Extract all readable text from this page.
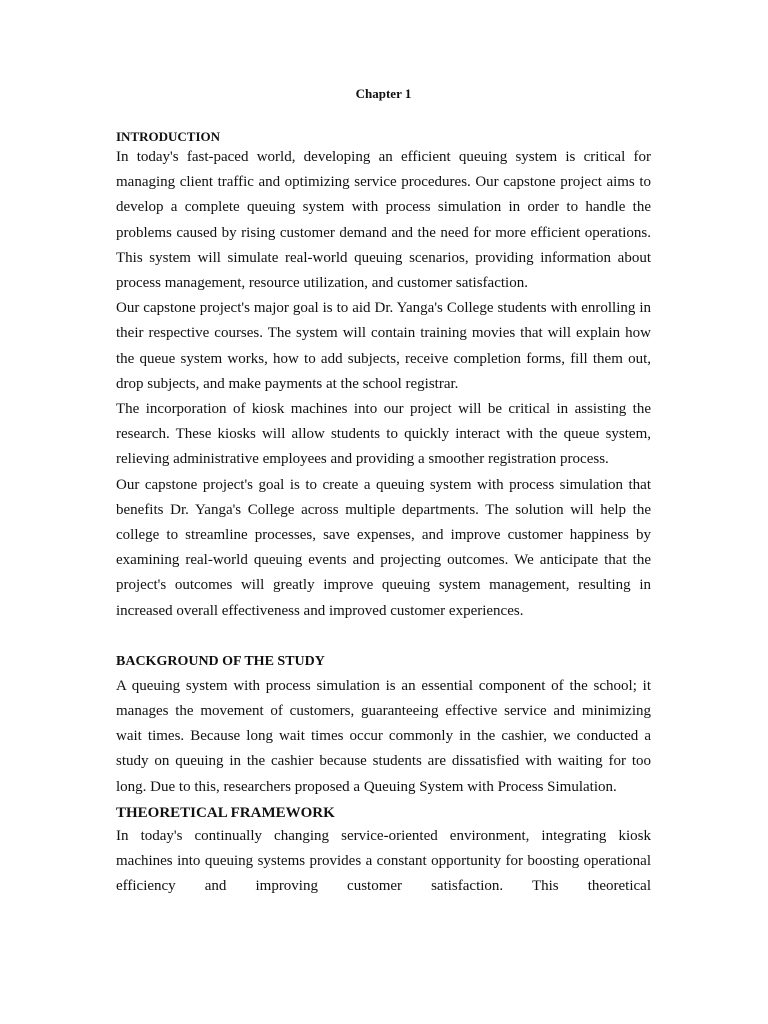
Chapter 1
INTRODUCTION

In today's fast-paced world, developing an efficient queuing system is critical for managing client traffic and optimizing service procedures. Our capstone project aims to develop a complete queuing system with process simulation in order to handle the problems caused by rising customer demand and the need for more efficient operations. This system will simulate real-world queuing scenarios, providing information about process management, resource utilization, and customer satisfaction.

Our capstone project's major goal is to aid Dr. Yanga's College students with enrolling in their respective courses. The system will contain training movies that will explain how the queue system works, how to add subjects, receive completion forms, fill them out, drop subjects, and make payments at the school registrar.

The incorporation of kiosk machines into our project will be critical in assisting the research. These kiosks will allow students to quickly interact with the queue system, relieving administrative employees and providing a smoother registration process.

Our capstone project's goal is to create a queuing system with process simulation that benefits Dr. Yanga's College across multiple departments. The solution will help the college to streamline processes, save expenses, and improve customer happiness by examining real-world queuing events and projecting outcomes. We anticipate that the project's outcomes will greatly improve queuing system management, resulting in increased overall effectiveness and improved customer experiences.

BACKGROUND OF THE STUDY

A queuing system with process simulation is an essential component of the school; it manages the movement of customers, guaranteeing effective service and minimizing wait times. Because long wait times occur commonly in the cashier, we conducted a study on queuing in the cashier because students are dissatisfied with waiting for too long. Due to this, researchers proposed a Queuing System with Process Simulation.

THEORETICAL FRAMEWORK

In today's continually changing service-oriented environment, integrating kiosk machines into queuing systems provides a constant opportunity for boosting operational efficiency and improving customer satisfaction. This theoretical
